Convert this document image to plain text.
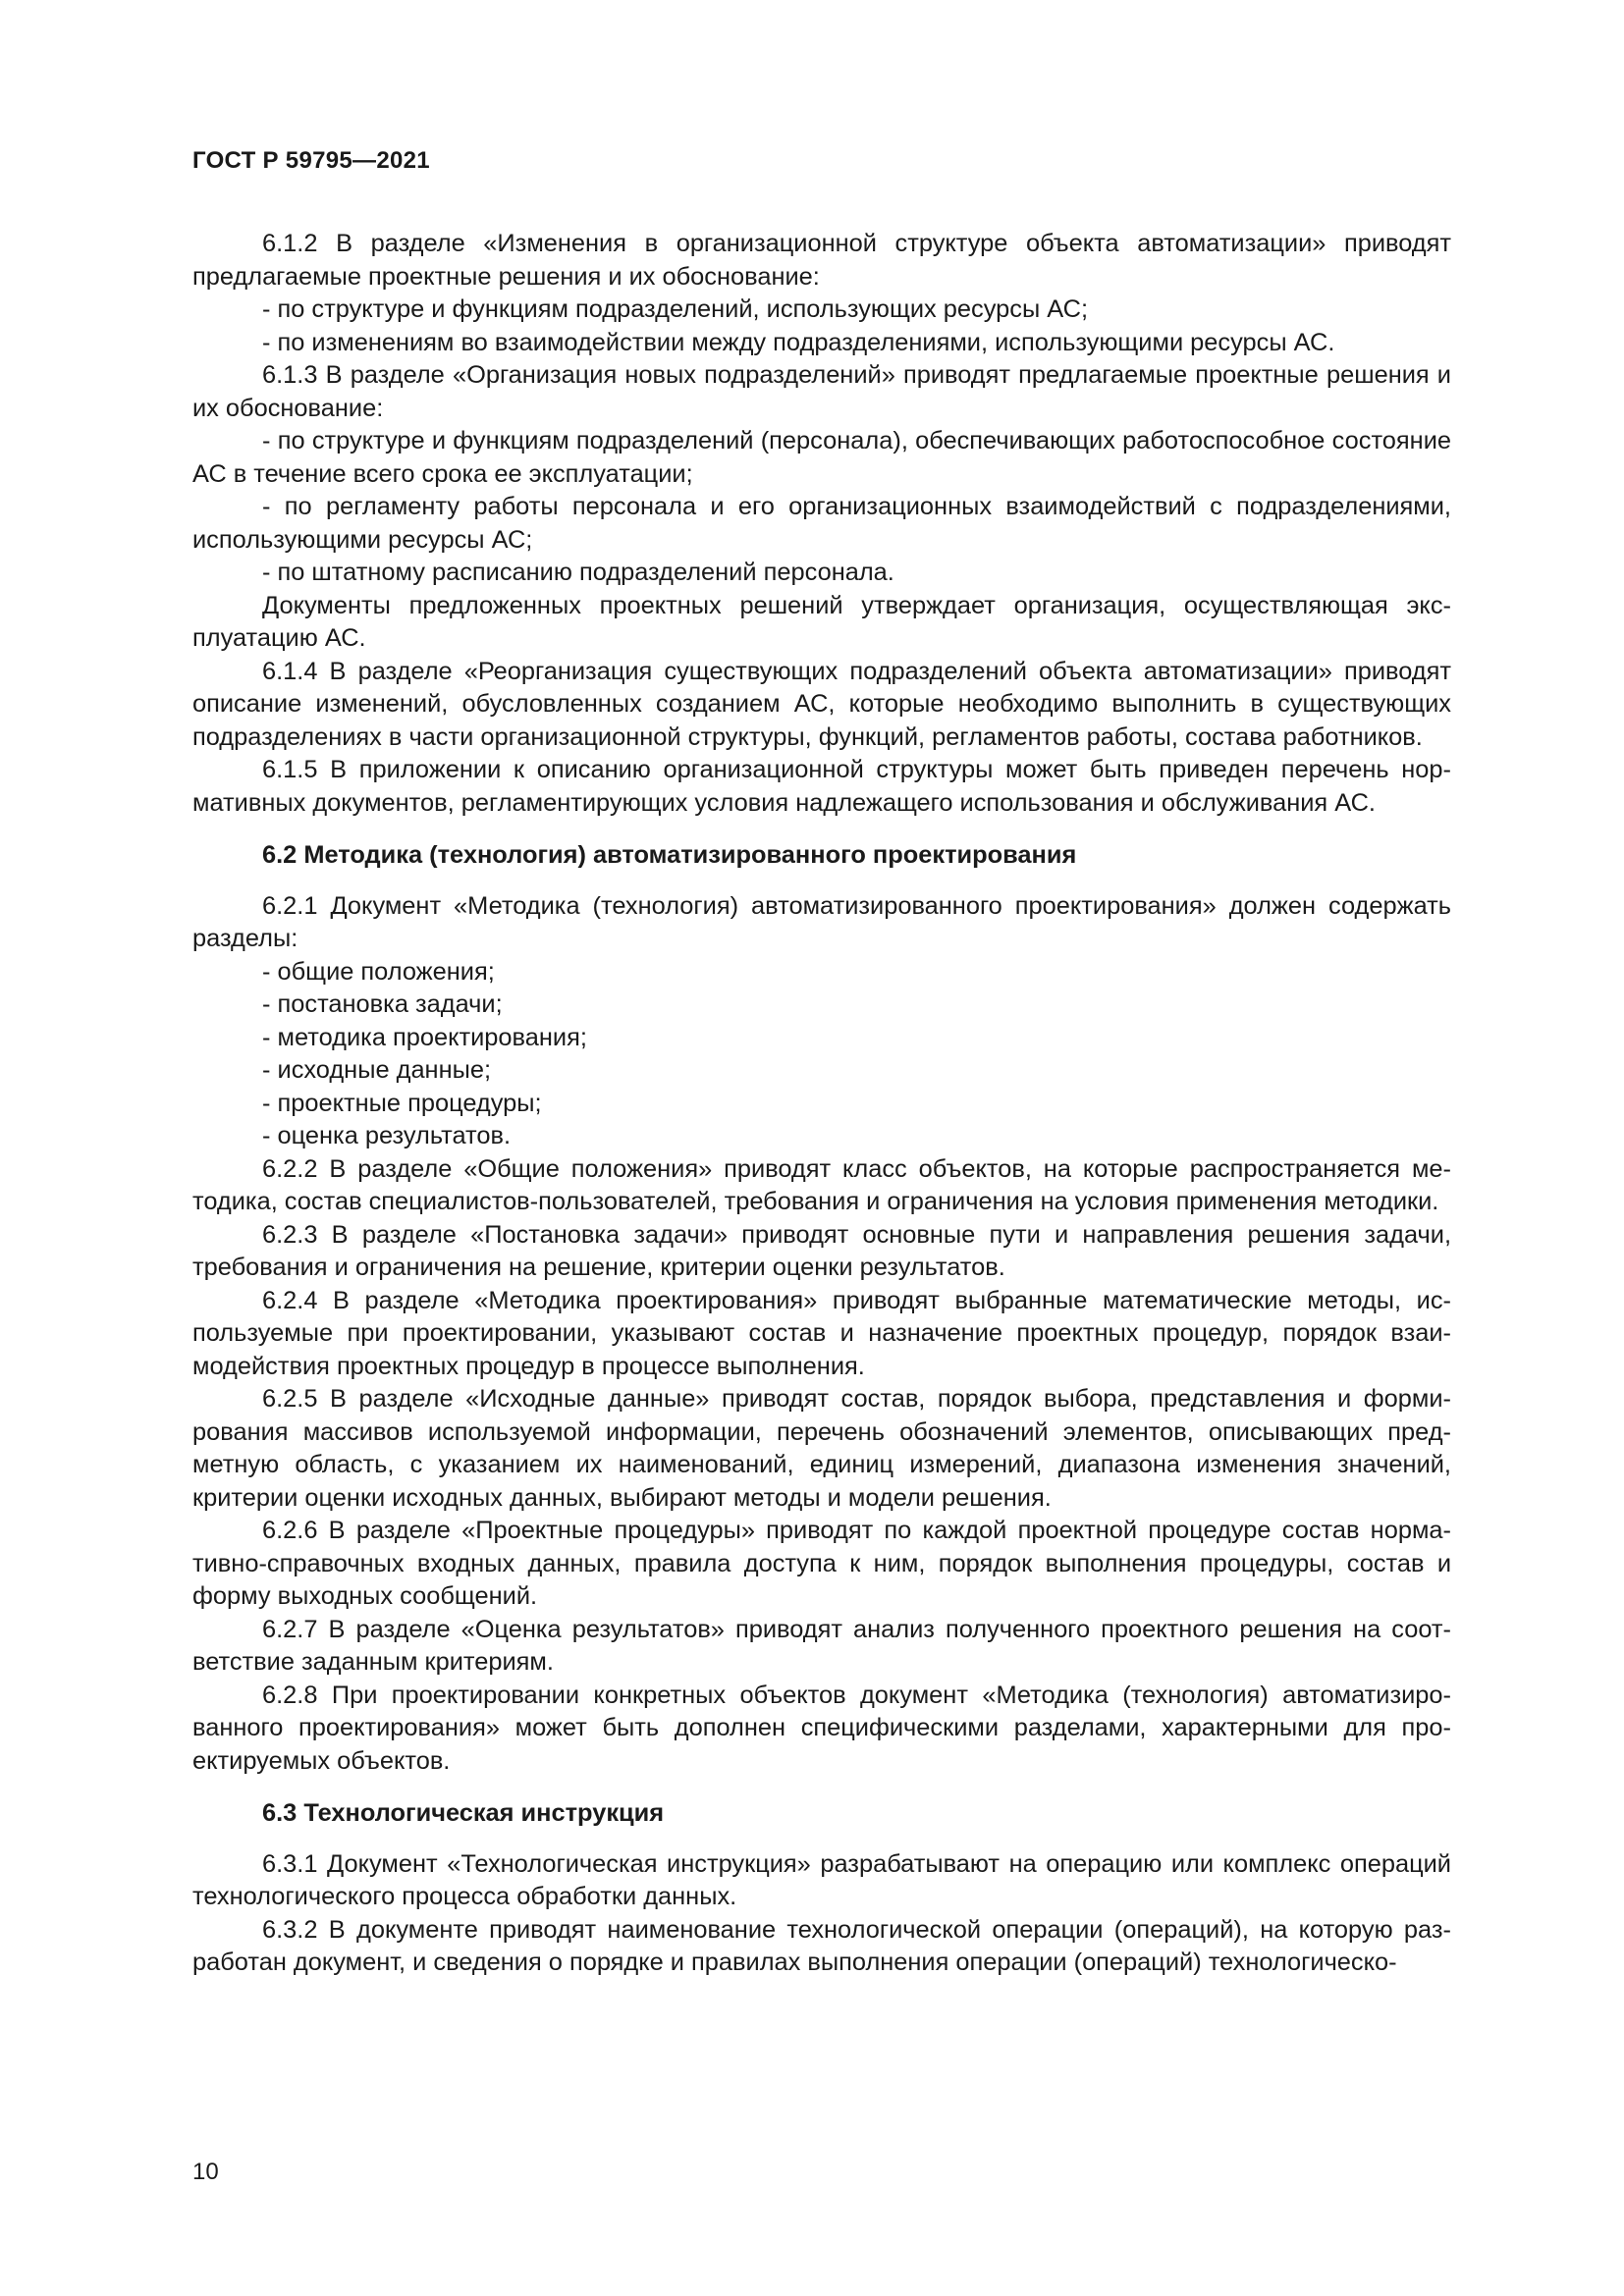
ГОСТ Р 59795—2021

6.1.2 В разделе «Изменения в организационной структуре объекта автоматизации» приводят предлагаемые проектные решения и их обоснование:

- по структуре и функциям подразделений, использующих ресурсы АС;

- по изменениям во взаимодействии между подразделениями, использующими ресурсы АС.

6.1.3 В разделе «Организация новых подразделений» приводят предлагаемые проектные решения и их обоснование:

- по структуре и функциям подразделений (персонала), обеспечивающих работоспособное состояние АС в течение всего срока ее эксплуатации;

- по регламенту работы персонала и его организационных взаимодействий с подразделениями, использующими ресурсы АС;

- по штатному расписанию подразделений персонала.

Документы предложенных проектных решений утверждает организация, осуществляющая эксплуатацию АС.

6.1.4 В разделе «Реорганизация существующих подразделений объекта автоматизации» приводят описание изменений, обусловленных созданием АС, которые необходимо выполнить в существующих подразделениях в части организационной структуры, функций, регламентов работы, состава работников.

6.1.5 В приложении к описанию организационной структуры может быть приведен перечень нормативных документов, регламентирующих условия надлежащего использования и обслуживания АС.

6.2 Методика (технология) автоматизированного проектирования

6.2.1 Документ «Методика (технология) автоматизированного проектирования» должен содержать разделы:

- общие положения;

- постановка задачи;

- методика проектирования;

- исходные данные;

- проектные процедуры;

- оценка результатов.

6.2.2 В разделе «Общие положения» приводят класс объектов, на которые распространяется методика, состав специалистов-пользователей, требования и ограничения на условия применения методики.

6.2.3 В разделе «Постановка задачи» приводят основные пути и направления решения задачи, требования и ограничения на решение, критерии оценки результатов.

6.2.4 В разделе «Методика проектирования» приводят выбранные математические методы, используемые при проектировании, указывают состав и назначение проектных процедур, порядок взаимодействия проектных процедур в процессе выполнения.

6.2.5 В разделе «Исходные данные» приводят состав, порядок выбора, представления и формирования массивов используемой информации, перечень обозначений элементов, описывающих предметную область, с указанием их наименований, единиц измерений, диапазона изменения значений, критерии оценки исходных данных, выбирают методы и модели решения.

6.2.6 В разделе «Проектные процедуры» приводят по каждой проектной процедуре состав нормативно-справочных входных данных, правила доступа к ним, порядок выполнения процедуры, состав и форму выходных сообщений.

6.2.7 В разделе «Оценка результатов» приводят анализ полученного проектного решения на соответствие заданным критериям.

6.2.8 При проектировании конкретных объектов документ «Методика (технология) автоматизированного проектирования» может быть дополнен специфическими разделами, характерными для проектируемых объектов.

6.3 Технологическая инструкция

6.3.1 Документ «Технологическая инструкция» разрабатывают на операцию или комплекс операций технологического процесса обработки данных.

6.3.2 В документе приводят наименование технологической операции (операций), на которую разработан документ, и сведения о порядке и правилах выполнения операции (операций) технологическо-

10
